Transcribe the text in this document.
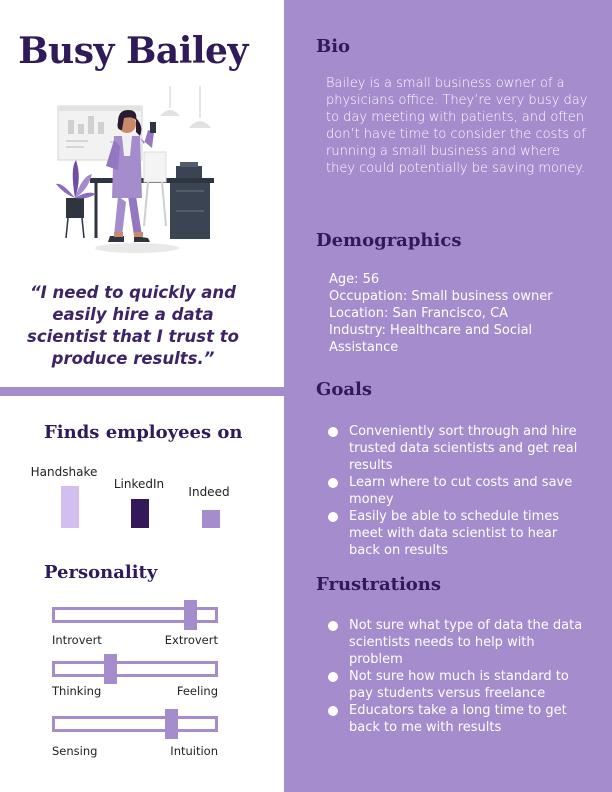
Busy Bailey

“I need to quickly and easily hire a data scientist that I trust to produce results.”

Finds employees on
Handshake
LinkedIn
Indeed
Personality
Introvert	Extrovert
Thinking	Feeling
Sensing	Intuition
Bio

Bailey is a small business owner of a physicians office. They’re very busy day to day meeting with patients, and often don’t have time to consider the costs of running a small business and where they could potentially be saving money.

Demographics
Age: 56
Occupation: Small business owner
Location: San Francisco, CA
Industry: Healthcare and Social Assistance
Goals
Conveniently sort through and hire trusted data scientists and get real results
Learn where to cut costs and save money
Easily be able to schedule times meet with data scientist to hear back on results
Frustrations
Not sure what type of data the data scientists needs to help with problem
Not sure how much is standard to pay students versus freelance
Educators take a long time to get back to me with results
